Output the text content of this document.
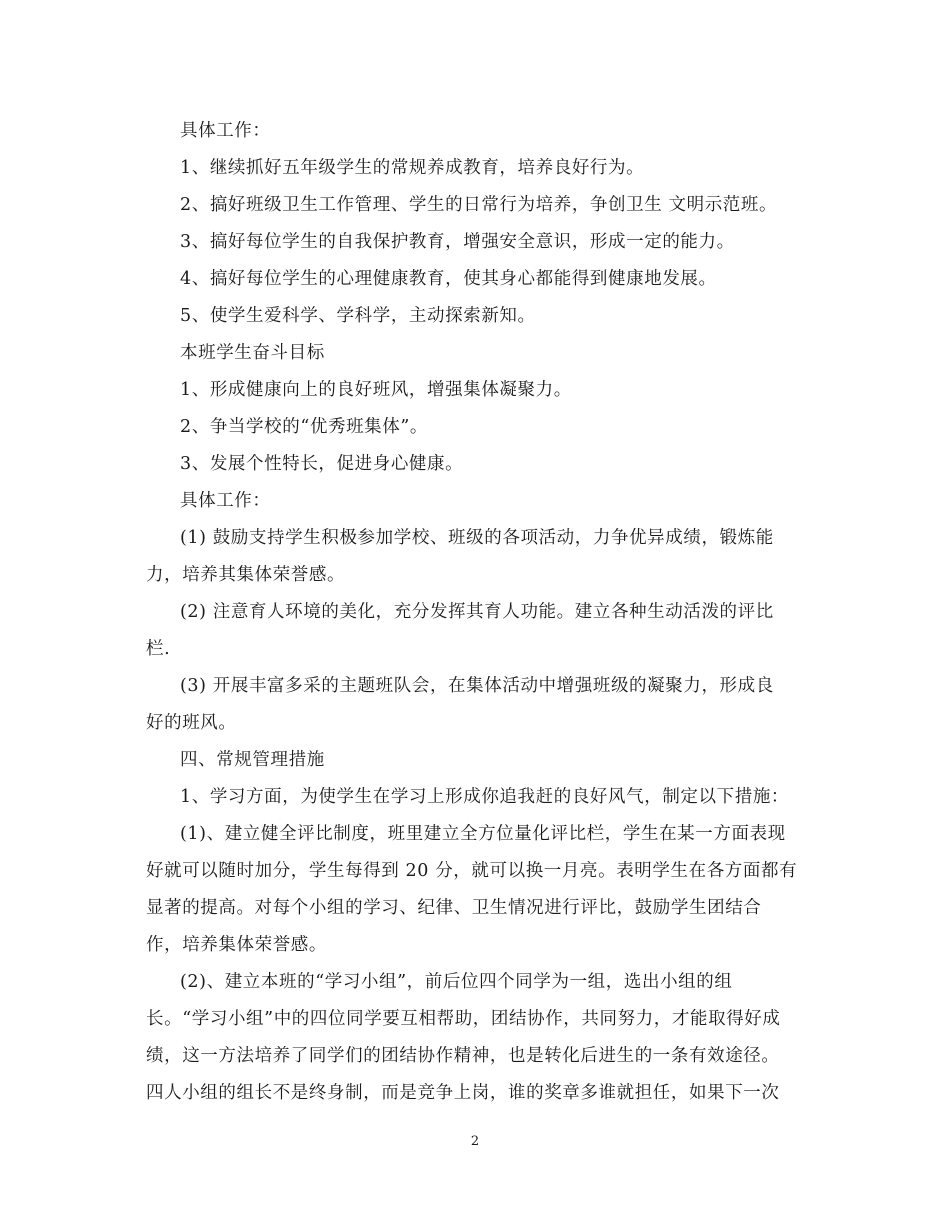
具体工作：
1、继续抓好五年级学生的常规养成教育，培养良好行为。
2、搞好班级卫生工作管理、学生的日常行为培养，争创卫生 文明示范班。
3、搞好每位学生的自我保护教育，增强安全意识，形成一定的能力。
4、搞好每位学生的心理健康教育，使其身心都能得到健康地发展。
5、使学生爱科学、学科学，主动探索新知。
本班学生奋斗目标
1、形成健康向上的良好班风，增强集体凝聚力。
2、争当学校的“优秀班集体”。
3、发展个性特长，促进身心健康。
具体工作：
(1) 鼓励支持学生积极参加学校、班级的各项活动，力争优异成绩，锻炼能
力，培养其集体荣誉感。
(2) 注意育人环境的美化，充分发挥其育人功能。建立各种生动活泼的评比
栏.
(3) 开展丰富多采的主题班队会，在集体活动中增强班级的凝聚力，形成良
好的班风。
四、常规管理措施
1、学习方面，为使学生在学习上形成你追我赶的良好风气，制定以下措施：
(1)、建立健全评比制度，班里建立全方位量化评比栏，学生在某一方面表现
好就可以随时加分，学生每得到 20 分，就可以换一月亮。表明学生在各方面都有
显著的提高。对每个小组的学习、纪律、卫生情况进行评比，鼓励学生团结合
作，培养集体荣誉感。
(2)、建立本班的“学习小组”，前后位四个同学为一组，选出小组的组
长。“学习小组”中的四位同学要互相帮助，团结协作，共同努力，才能取得好成
绩，这一方法培养了同学们的团结协作精神，也是转化后进生的一条有效途径。
四人小组的组长不是终身制，而是竞争上岗，谁的奖章多谁就担任，如果下一次
2
